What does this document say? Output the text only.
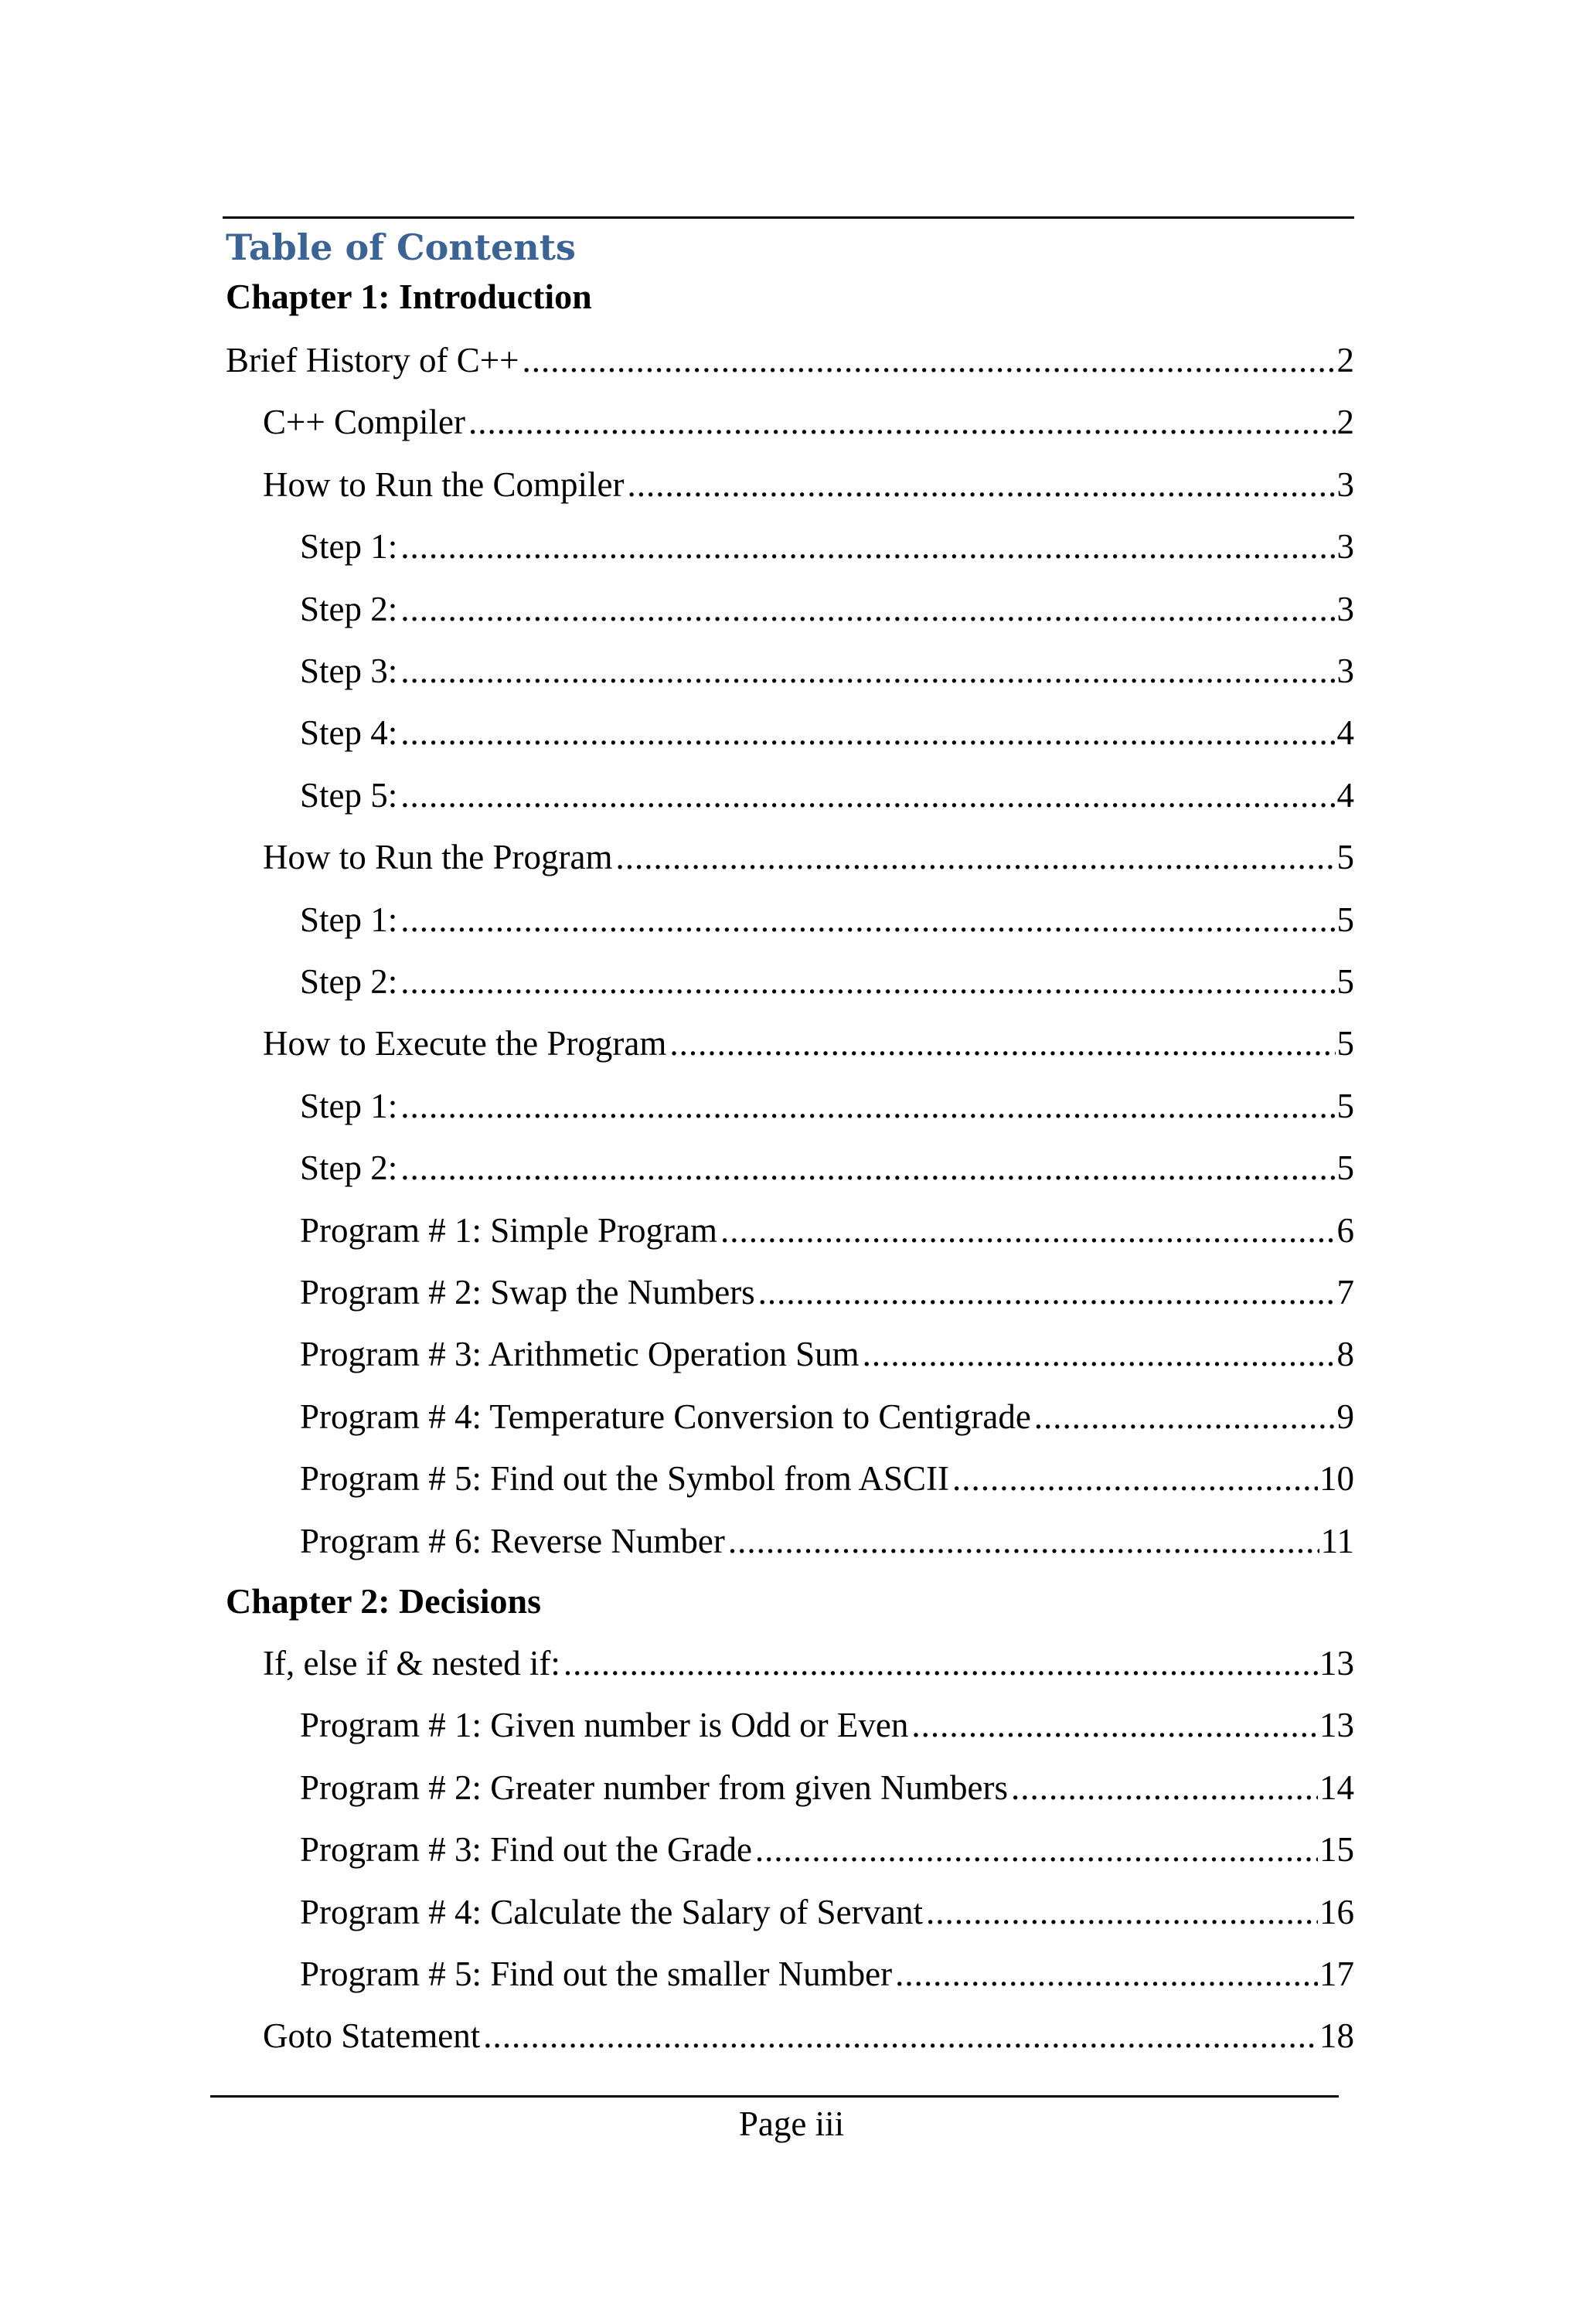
Table of Contents
Chapter 1: Introduction
Brief History of C++ .....	2
C++ Compiler .....	2
How to Run the Compiler .....	3
Step 1: .....	3
Step 2: .....	3
Step 3: .....	3
Step 4: .....	4
Step 5: .....	4
How to Run the Program .....	5
Step 1: .....	5
Step 2: .....	5
How to Execute the Program .....	5
Step 1: .....	5
Step 2: .....	5
Program # 1: Simple Program .....	6
Program # 2: Swap the Numbers .....	7
Program # 3: Arithmetic Operation Sum .....	8
Program # 4: Temperature Conversion to Centigrade .....	9
Program # 5: Find out the Symbol from ASCII .....	10
Program # 6: Reverse Number .....	11
Chapter 2: Decisions
If, else if & nested if: .....	13
Program # 1: Given number is Odd or Even .....	13
Program # 2: Greater number from given Numbers .....	14
Program # 3: Find out the Grade .....	15
Program # 4: Calculate the Salary of Servant .....	16
Program # 5: Find out the smaller Number .....	17
Goto Statement .....	18
Page iii
